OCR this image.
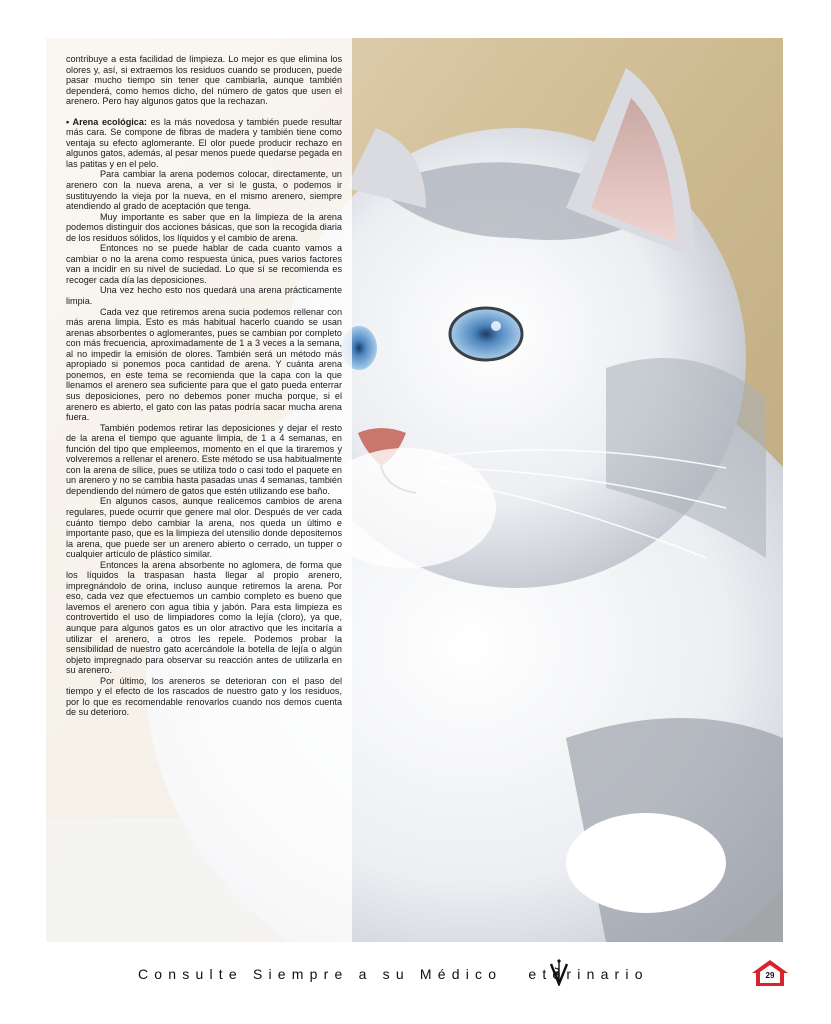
contribuye a esta facilidad de limpieza. Lo mejor es que elimina los olores y, así, si extraemos los residuos cuando se producen, puede pasar mucho tiempo sin tener que cambiarla, aunque también dependerá, como hemos dicho, del número de gatos que usen el arenero. Pero hay algunos gatos que la rechazan.

• Arena ecológica: es la más novedosa y también puede resultar más cara. Se compone de fibras de madera y también tiene como ventaja su efecto aglomerante. El olor puede producir rechazo en algunos gatos, además, al pesar menos puede quedarse pegada en las patitas y en el pelo.

Para cambiar la arena podemos colocar, directamente, un arenero con la nueva arena, a ver si le gusta, o podemos ir sustituyendo la vieja por la nueva, en el mismo arenero, siempre atendiendo al grado de aceptación que tenga.

Muy importante es saber que en la limpieza de la arena podemos distinguir dos acciones básicas, que son la recogida diaria de los residuos sólidos, los líquidos y el cambio de arena.

Entonces no se puede hablar de cada cuanto vamos a cambiar o no la arena como respuesta única, pues varios factores van a incidir en su nivel de suciedad. Lo que sí se recomienda es recoger cada día las deposiciones.

Una vez hecho esto nos quedará una arena prácticamente limpia.

Cada vez que retiremos arena sucia podemos rellenar con más arena limpia. Esto es más habitual hacerlo cuando se usan arenas absorbentes o aglomerantes, pues se cambian por completo con más frecuencia, aproximadamente de 1 a 3 veces a la semana, al no impedir la emisión de olores. También será un método más apropiado si ponemos poca cantidad de arena. Y cuánta arena ponemos, en este tema se recomienda que la capa con la que llenamos el arenero sea suficiente para que el gato pueda enterrar sus deposiciones, pero no debemos poner mucha porque, si el arenero es abierto, el gato con las patas podría sacar mucha arena fuera.

También podemos retirar las deposiciones y dejar el resto de la arena el tiempo que aguante limpia, de 1 a 4 semanas, en función del tipo que empleemos, momento en el que la tiraremos y volveremos a rellenar el arenero. Este método se usa habitualmente con la arena de sílice, pues se utiliza todo o casi todo el paquete en un arenero y no se cambia hasta pasadas unas 4 semanas, también dependiendo del número de gatos que estén utilizando ese baño.

En algunos casos, aunque realicemos cambios de arena regulares, puede ocurrir que genere mal olor. Después de ver cada cuánto tiempo debo cambiar la arena, nos queda un último e importante paso, que es la limpieza del utensilio donde depositemos la arena, que puede ser un arenero abierto o cerrado, un tupper o cualquier artículo de plástico similar.

Entonces la arena absorbente no aglomera, de forma que los líquidos la traspasan hasta llegar al propio arenero, impregnándolo de orina, incluso aunque retiremos la arena. Por eso, cada vez que efectuemos un cambio completo es bueno que lavemos el arenero con agua tibia y jabón. Para esta limpieza es controvertido el uso de limpiadores como la lejía (cloro), ya que, aunque para algunos gatos es un olor atractivo que les incitaría a utilizar el arenero, a otros les repele. Podemos probar la sensibilidad de nuestro gato acercándole la botella de lejía o algún objeto impregnado para observar su reacción antes de utilizarla en su arenero.

Por último, los areneros se deterioran con el paso del tiempo y el efecto de los rascados de nuestro gato y los residuos, por lo que es recomendable renovarlos cuando nos demos cuenta de su deterioro.

Consulte Siempre a su Médico eterinario	29
